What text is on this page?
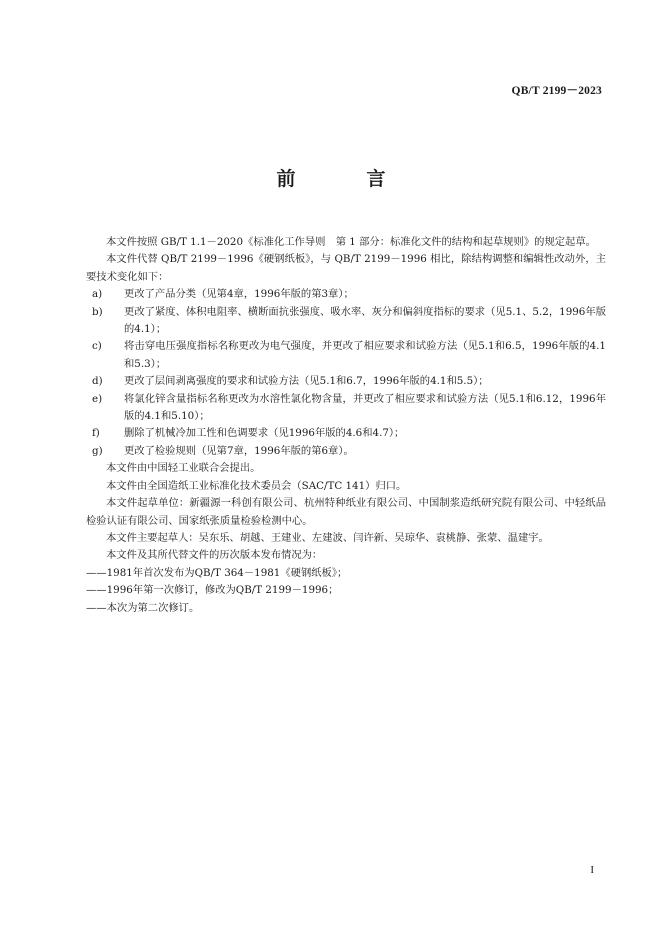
QB/T 2199－2023
前　言

本文件按照 GB/T 1.1－2020《标准化工作导则　第 1 部分：标准化文件的结构和起草规则》的规定起草。

本文件代替 QB/T 2199－1996《硬钢纸板》，与 QB/T 2199－1996 相比，除结构调整和编辑性改动外，主要技术变化如下：

a)	更改了产品分类（见第4章，1996年版的第3章）；
b)	更改了紧度、体积电阻率、横断面抗张强度、吸水率、灰分和偏斜度指标的要求（见5.1、5.2，1996年版的4.1）；
c)	将击穿电压强度指标名称更改为电气强度，并更改了相应要求和试验方法（见5.1和6.5，1996年版的4.1和5.3）；
d)	更改了层间剥离强度的要求和试验方法（见5.1和6.7，1996年版的4.1和5.5）；
e)	将氯化锌含量指标名称更改为水溶性氯化物含量，并更改了相应要求和试验方法（见5.1和6.12，1996年版的4.1和5.10）；
f)	删除了机械冷加工性和色调要求（见1996年版的4.6和4.7）；
g)	更改了检验规则（见第7章，1996年版的第6章）。

本文件由中国轻工业联合会提出。

本文件由全国造纸工业标准化技术委员会（SAC/TC 141）归口。

本文件起草单位：新疆源一科创有限公司、杭州特种纸业有限公司、中国制浆造纸研究院有限公司、中轻纸品检验认证有限公司、国家纸张质量检验检测中心。

本文件主要起草人：吴东乐、胡越、王建业、左建波、闫许新、吴琼华、袁桃静、张蒙、温建宇。

本文件及其所代替文件的历次版本发布情况为：

——1981年首次发布为QB/T 364－1981《硬钢纸板》；

——1996年第一次修订，修改为QB/T 2199－1996；

——本次为第二次修订。

I
